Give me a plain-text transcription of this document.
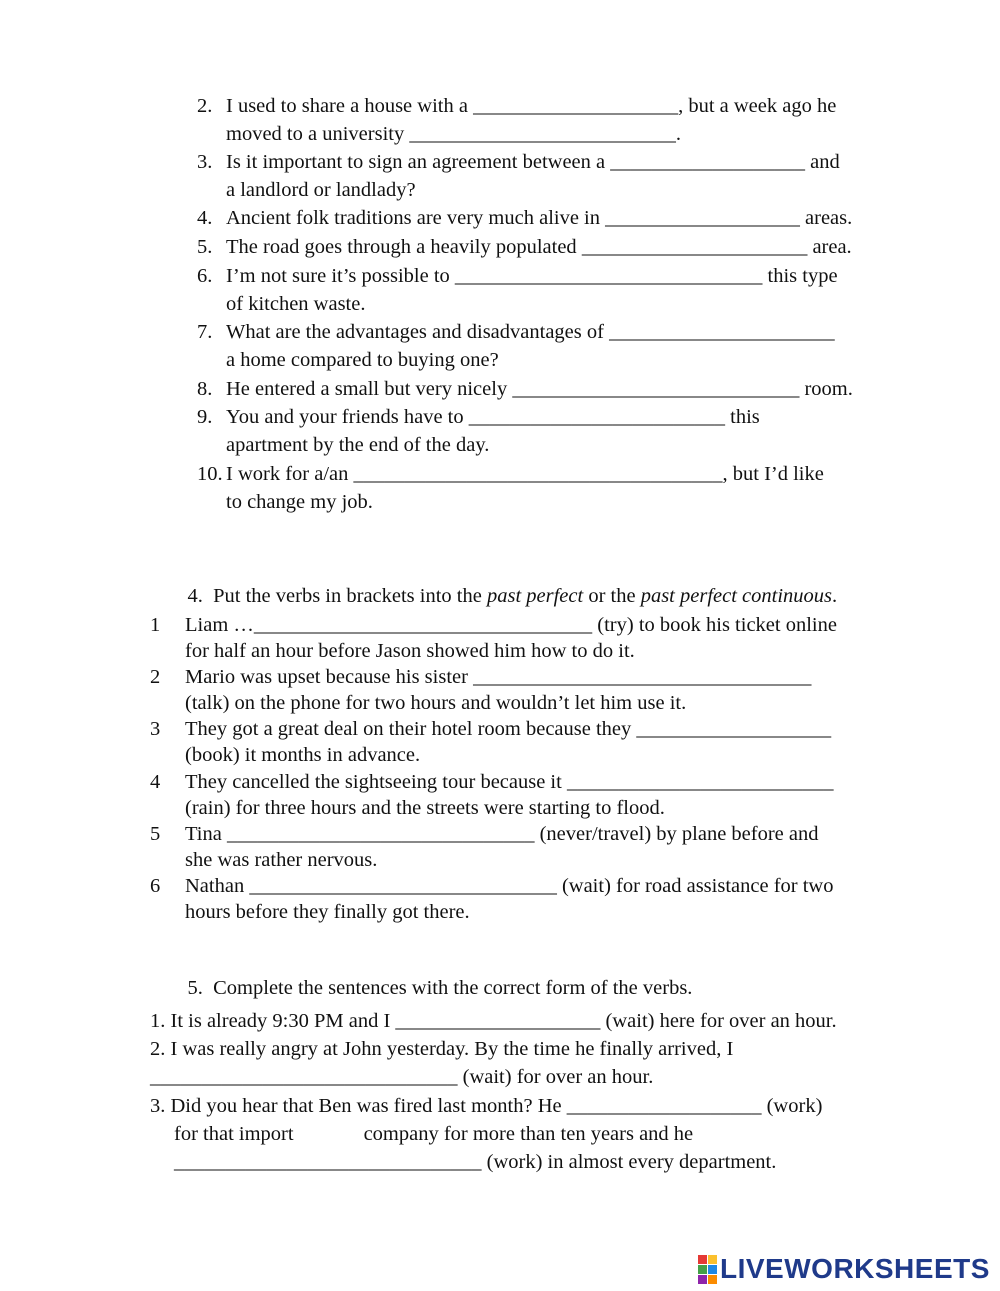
2. I used to share a house with a ____________________, but a week ago he
moved to a university __________________________.
3. Is it important to sign an agreement between a ___________________ and
a landlord or landlady?
4. Ancient folk traditions are very much alive in ___________________ areas.
5. The road goes through a heavily populated ______________________ area.
6. I’m not sure it’s possible to ______________________________ this type
of kitchen waste.
7. What are the advantages and disadvantages of ______________________
a home compared to buying one?
8. He entered a small but very nicely ____________________________ room.
9. You and your friends have to _________________________ this
apartment by the end of the day.
10. I work for a/an ____________________________________, but I’d like
to change my job.

4. Put the verbs in brackets into the past perfect or the past perfect continuous.

1 Liam …_________________________________ (try) to book his ticket online
for half an hour before Jason showed him how to do it.
2 Mario was upset because his sister _________________________________
(talk) on the phone for two hours and wouldn’t let him use it.
3 They got a great deal on their hotel room because they ___________________
(book) it months in advance.
4 They cancelled the sightseeing tour because it __________________________
(rain) for three hours and the streets were starting to flood.
5 Tina ______________________________ (never/travel) by plane before and
she was rather nervous.
6 Nathan ______________________________ (wait) for road assistance for two
hours before they finally got there.

5. Complete the sentences with the correct form of the verbs.

1. It is already 9:30 PM and I ____________________ (wait) here for over an hour.
2. I was really angry at John yesterday. By the time he finally arrived, I
______________________________ (wait) for over an hour.
3. Did you hear that Ben was fired last month? He ___________________ (work)
for that import	company for more than ten years and he
______________________________ (work) in almost every department.
LIVEWORKSHEETS
